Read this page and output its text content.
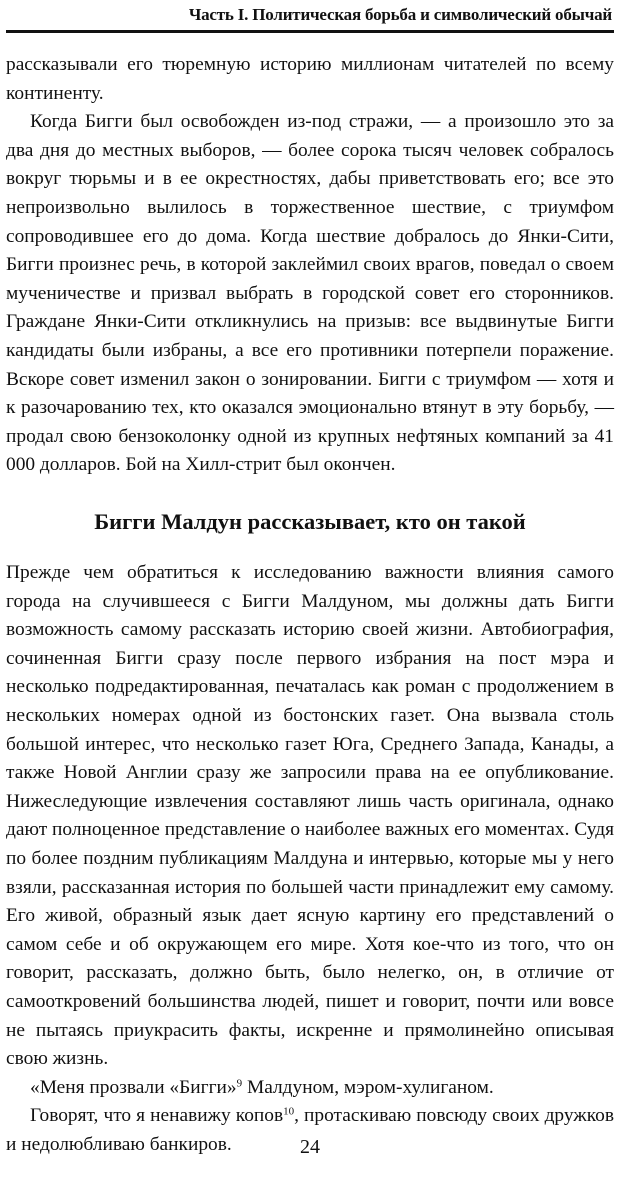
Часть I. Политическая борьба и символический обычай

рассказывали его тюремную историю миллионам читателей по всему континенту.

Когда Бигги был освобожден из-под стражи, — а произошло это за два дня до местных выборов, — более сорока тысяч человек собралось вокруг тюрьмы и в ее окрестностях, дабы приветствовать его; все это непроизвольно вылилось в торжественное шествие, с триумфом сопроводившее его до дома. Когда шествие добралось до Янки-Сити, Бигги произнес речь, в которой заклеймил своих врагов, поведал о своем мученичестве и призвал выбрать в городской совет его сторонников. Граждане Янки-Сити откликнулись на призыв: все выдвинутые Бигги кандидаты были избраны, а все его противники потерпели поражение. Вскоре совет изменил закон о зонировании. Бигги с триумфом — хотя и к разочарованию тех, кто оказался эмоционально втянут в эту борьбу, — продал свою бензоколонку одной из крупных нефтяных компаний за 41 000 долларов. Бой на Хилл-стрит был окончен.

Бигги Малдун рассказывает, кто он такой

Прежде чем обратиться к исследованию важности влияния самого города на случившееся с Бигги Малдуном, мы должны дать Бигги возможность самому рассказать историю своей жизни. Автобиография, сочиненная Бигги сразу после первого избрания на пост мэра и несколько подредактированная, печаталась как роман с продолжением в нескольких номерах одной из бостонских газет. Она вызвала столь большой интерес, что несколько газет Юга, Среднего Запада, Канады, а также Новой Англии сразу же запросили права на ее опубликование. Нижеследующие извлечения составляют лишь часть оригинала, однако дают полноценное представление о наиболее важных его моментах. Судя по более поздним публикациям Малдуна и интервью, которые мы у него взяли, рассказанная история по большей части принадлежит ему самому. Его живой, образный язык дает ясную картину его представлений о самом себе и об окружающем его мире. Хотя кое-что из того, что он говорит, рассказать, должно быть, было нелегко, он, в отличие от самооткровений большинства людей, пишет и говорит, почти или вовсе не пытаясь приукрасить факты, искренне и прямолинейно описывая свою жизнь.

«Меня прозвали «Бигги»$^9$ Малдуном, мэром-хулиганом.

Говорят, что я ненавижу копов$^{10}$, протаскиваю повсюду своих дружков и недолюбливаю банкиров.	24
